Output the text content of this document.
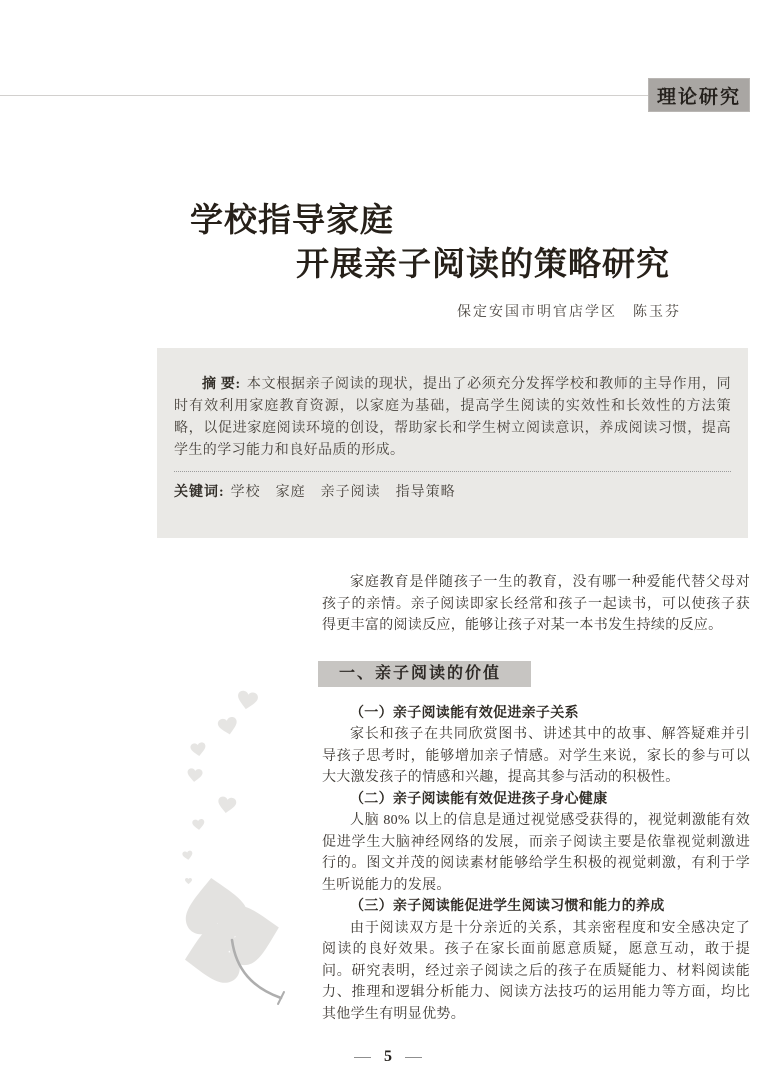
理论研究
学校指导家庭
开展亲子阅读的策略研究
保定安国市明官店学区 陈玉芬

摘 要: 本文根据亲子阅读的现状，提出了必须充分发挥学校和教师的主导作用，同时有效利用家庭教育资源，以家庭为基础，提高学生阅读的实效性和长效性的方法策略，以促进家庭阅读环境的创设，帮助家长和学生树立阅读意识，养成阅读习惯，提高学生的学习能力和良好品质的形成。

关键词: 学校　家庭　亲子阅读　指导策略

家庭教育是伴随孩子一生的教育，没有哪一种爱能代替父母对孩子的亲情。亲子阅读即家长经常和孩子一起读书，可以使孩子获得更丰富的阅读反应，能够让孩子对某一本书发生持续的反应。

一、亲子阅读的价值
（一）亲子阅读能有效促进亲子关系

家长和孩子在共同欣赏图书、讲述其中的故事、解答疑难并引导孩子思考时，能够增加亲子情感。对学生来说，家长的参与可以大大激发孩子的情感和兴趣，提高其参与活动的积极性。

（二）亲子阅读能有效促进孩子身心健康

人脑 80% 以上的信息是通过视觉感受获得的，视觉刺激能有效促进学生大脑神经网络的发展，而亲子阅读主要是依靠视觉刺激进行的。图文并茂的阅读素材能够给学生积极的视觉刺激，有利于学生听说能力的发展。

（三）亲子阅读能促进学生阅读习惯和能力的养成

由于阅读双方是十分亲近的关系，其亲密程度和安全感决定了阅读的良好效果。孩子在家长面前愿意质疑，愿意互动，敢于提问。研究表明，经过亲子阅读之后的孩子在质疑能力、材料阅读能力、推理和逻辑分析能力、阅读方法技巧的运用能力等方面，均比其他学生有明显优势。

5
